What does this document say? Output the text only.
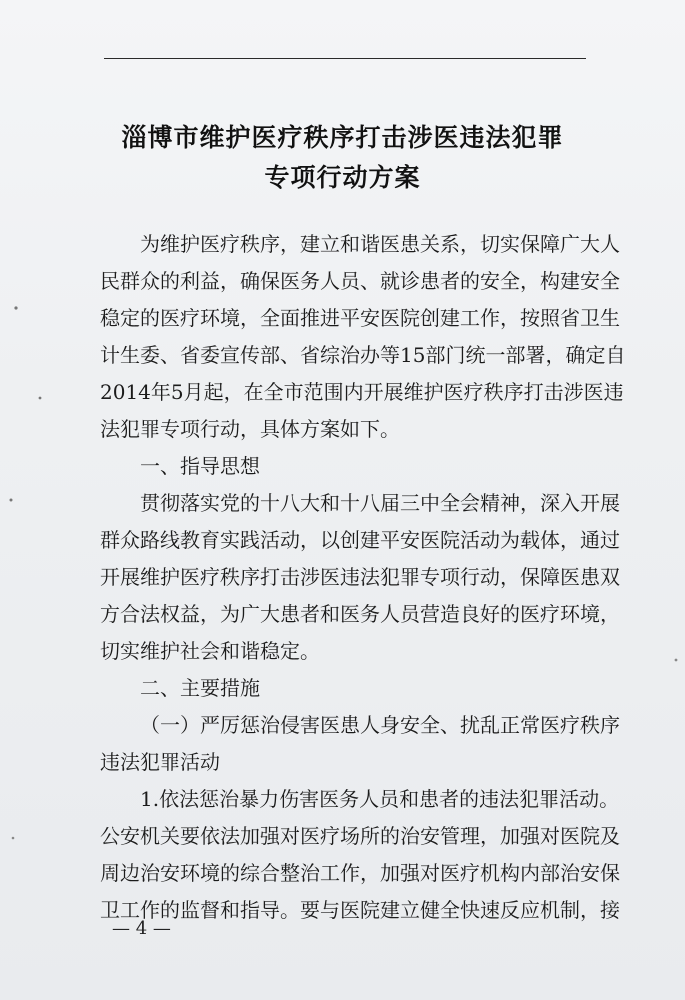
淄博市维护医疗秩序打击涉医违法犯罪
专项行动方案
为维护医疗秩序，建立和谐医患关系，切实保障广大人
民群众的利益，确保医务人员、就诊患者的安全，构建安全
稳定的医疗环境，全面推进平安医院创建工作，按照省卫生
计生委、省委宣传部、省综治办等15部门统一部署，确定自
2014年5月起，在全市范围内开展维护医疗秩序打击涉医违
法犯罪专项行动，具体方案如下。
一、指导思想
贯彻落实党的十八大和十八届三中全会精神，深入开展
群众路线教育实践活动，以创建平安医院活动为载体，通过
开展维护医疗秩序打击涉医违法犯罪专项行动，保障医患双
方合法权益，为广大患者和医务人员营造良好的医疗环境，
切实维护社会和谐稳定。
二、主要措施
（一）严厉惩治侵害医患人身安全、扰乱正常医疗秩序
违法犯罪活动
1.依法惩治暴力伤害医务人员和患者的违法犯罪活动。
公安机关要依法加强对医疗场所的治安管理，加强对医院及
周边治安环境的综合整治工作，加强对医疗机构内部治安保
卫工作的监督和指导。要与医院建立健全快速反应机制，接
— 4 —
